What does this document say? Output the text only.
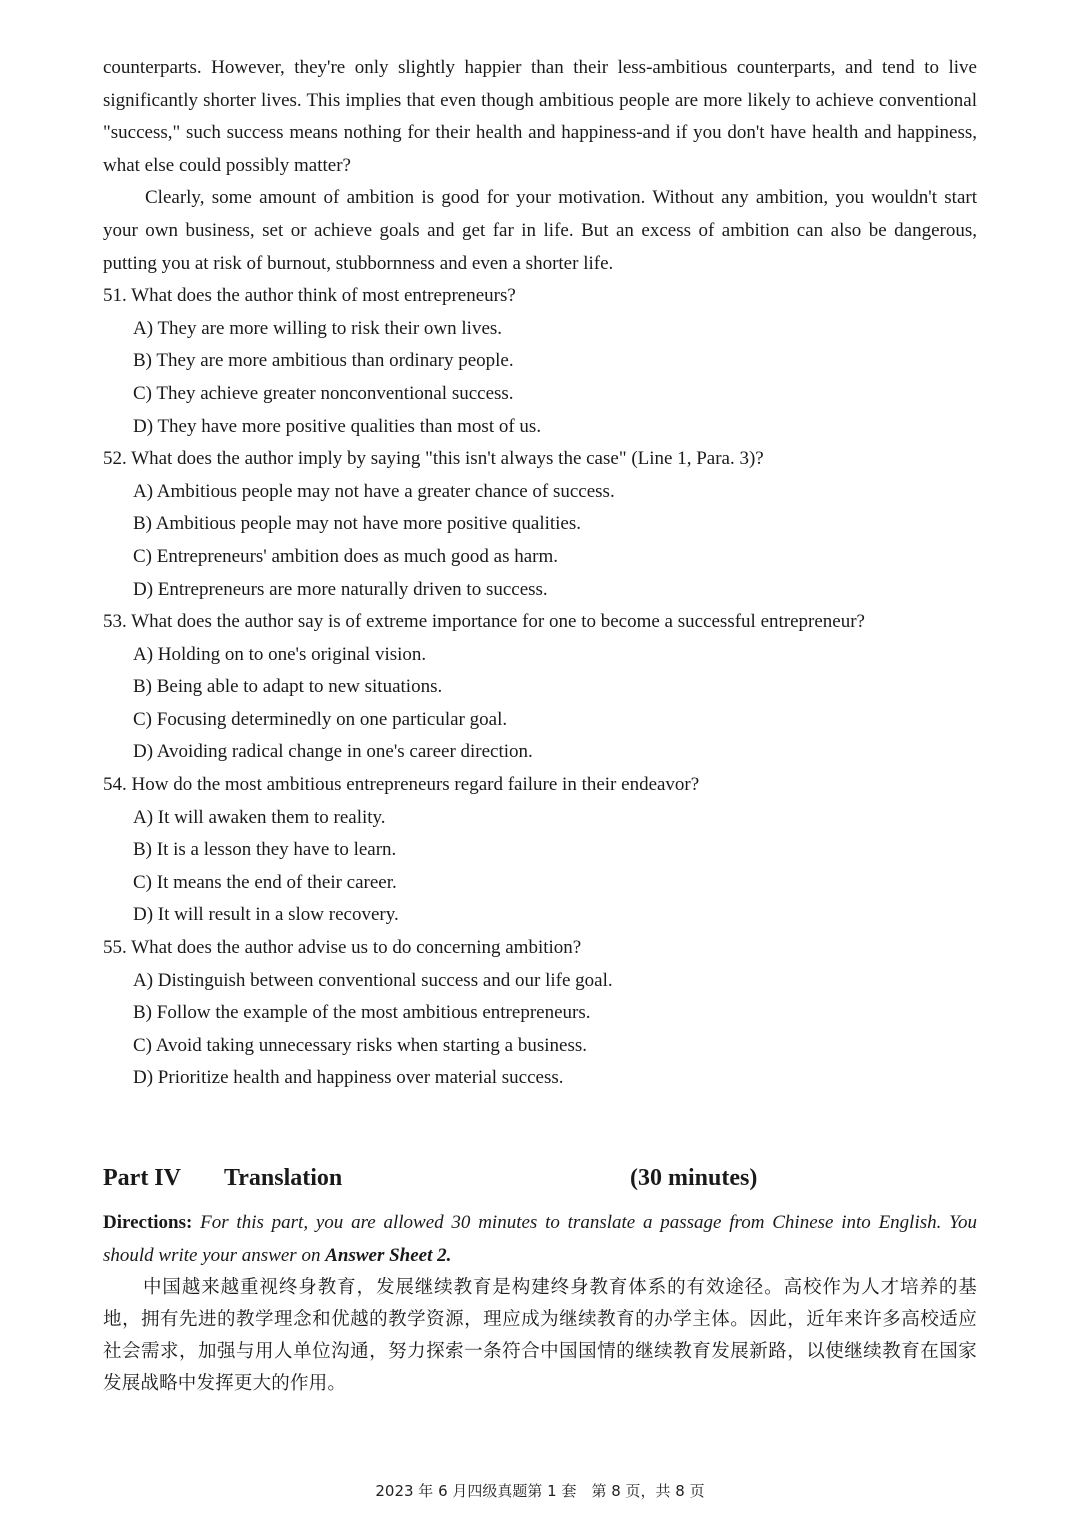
counterparts. However, they're only slightly happier than their less-ambitious counterparts, and tend to live significantly shorter lives. This implies that even though ambitious people are more likely to achieve conventional "success," such success means nothing for their health and happiness-and if you don't have health and happiness, what else could possibly matter?

Clearly, some amount of ambition is good for your motivation. Without any ambition, you wouldn't start your own business, set or achieve goals and get far in life. But an excess of ambition can also be dangerous, putting you at risk of burnout, stubbornness and even a shorter life.

51. What does the author think of most entrepreneurs?

A) They are more willing to risk their own lives.

B) They are more ambitious than ordinary people.

C) They achieve greater nonconventional success.

D) They have more positive qualities than most of us.

52. What does the author imply by saying "this isn't always the case" (Line 1, Para. 3)?

A) Ambitious people may not have a greater chance of success.

B) Ambitious people may not have more positive qualities.

C) Entrepreneurs' ambition does as much good as harm.

D) Entrepreneurs are more naturally driven to success.

53. What does the author say is of extreme importance for one to become a successful entrepreneur?

A) Holding on to one's original vision.

B) Being able to adapt to new situations.

C) Focusing determinedly on one particular goal.

D) Avoiding radical change in one's career direction.

54. How do the most ambitious entrepreneurs regard failure in their endeavor?

A) It will awaken them to reality.

B) It is a lesson they have to learn.

C) It means the end of their career.

D) It will result in a slow recovery.

55. What does the author advise us to do concerning ambition?

A) Distinguish between conventional success and our life goal.

B) Follow the example of the most ambitious entrepreneurs.

C) Avoid taking unnecessary risks when starting a business.

D) Prioritize health and happiness over material success.

Part IV Translation	(30 minutes)
Directions: For this part, you are allowed 30 minutes to translate a passage from Chinese into English. You should write your answer on Answer Sheet 2.
中国越来越重视终身教育，发展继续教育是构建终身教育体系的有效途径。高校作为人才培养的基地，拥有先进的教学理念和优越的教学资源，理应成为继续教育的办学主体。因此，近年来许多高校适应社会需求，加强与用人单位沟通，努力探索一条符合中国国情的继续教育发展新路，以使继续教育在国家发展战略中发挥更大的作用。
2023 年 6 月四级真题第 1 套　第 8 页，共 8 页
